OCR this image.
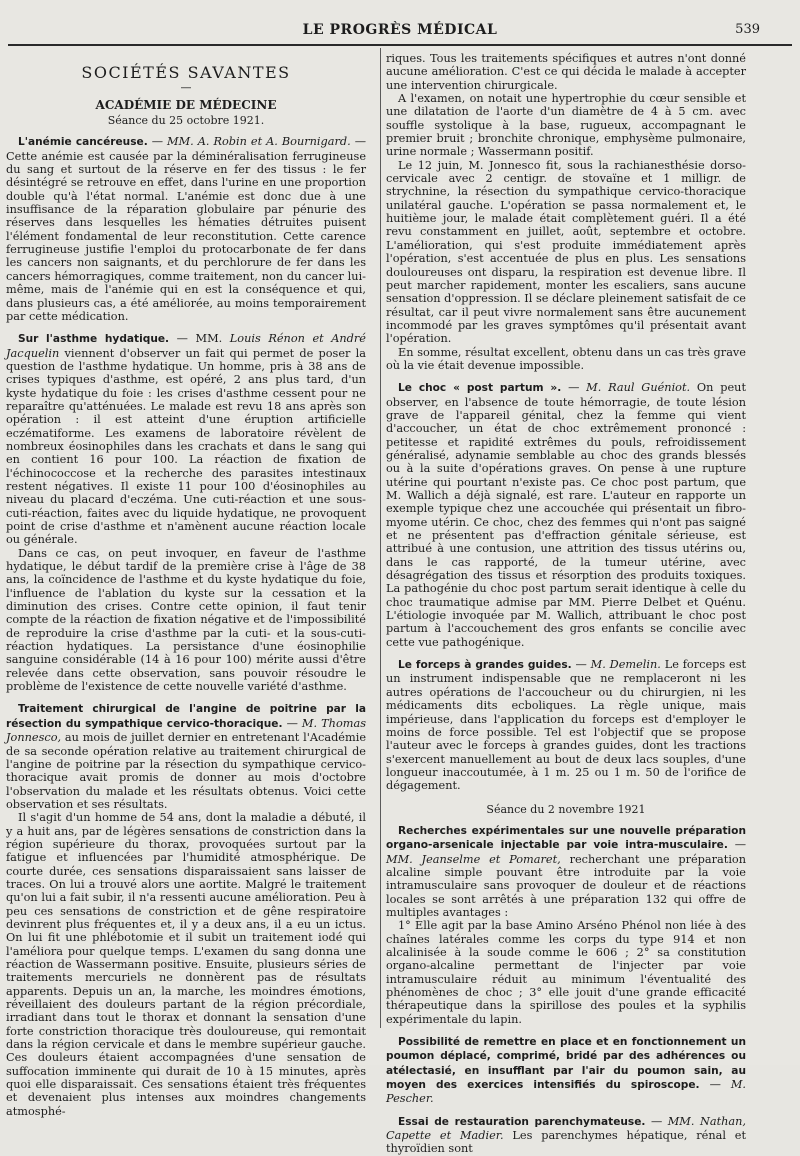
LE PROGRÈS MÉDICAL	539
SOCIÉTÉS SAVANTES
—
ACADÉMIE DE MÉDECINE
Séance du 25 octobre 1921.

L'anémie cancéreuse. — MM. A. Robin et A. Bournigard. — Cette anémie est causée par la déminéralisation ferrugineuse du sang et surtout de la réserve en fer des tissus : le fer désintégré se retrouve en effet, dans l'urine en une proportion double qu'à l'état normal. L'anémie est donc due à une insuffisance de la réparation globulaire par pénurie des réserves dans lesquelles les hématies détruites puisent l'élément fondamental de leur reconstitution. Cette carence ferrugineuse justifie l'emploi du protocarbonate de fer dans les cancers non saignants, et du perchlorure de fer dans les cancers hémorragiques, comme traitement, non du cancer lui-même, mais de l'anémie qui en est la conséquence et qui, dans plusieurs cas, a été améliorée, au moins temporairement par cette médication.

Sur l'asthme hydatique. — MM. Louis Rénon et André Jacquelin viennent d'observer un fait qui permet de poser la question de l'asthme hydatique. Un homme, pris à 38 ans de crises typiques d'asthme, est opéré, 2 ans plus tard, d'un kyste hydatique du foie : les crises d'asthme cessent pour ne reparaître qu'atténuées. Le malade est revu 18 ans après son opération : il est atteint d'une éruption artificielle eczématiforme. Les examens de laboratoire révèlent de nombreux éosinophiles dans les crachats et dans le sang qui en contient 16 pour 100. La réaction de fixation de l'échinococcose et la recherche des parasites intestinaux restent négatives. Il existe 11 pour 100 d'éosinophiles au niveau du placard d'eczéma. Une cuti-réaction et une sous-cuti-réaction, faites avec du liquide hydatique, ne provoquent point de crise d'asthme et n'amènent aucune réaction locale ou générale.

Dans ce cas, on peut invoquer, en faveur de l'asthme hydatique, le début tardif de la première crise à l'âge de 38 ans, la coïncidence de l'asthme et du kyste hydatique du foie, l'influence de l'ablation du kyste sur la cessation et la diminution des crises. Contre cette opinion, il faut tenir compte de la réaction de fixation négative et de l'impossibilité de reproduire la crise d'asthme par la cuti- et la sous-cuti-réaction hydatiques. La persistance d'une éosinophilie sanguine considérable (14 à 16 pour 100) mérite aussi d'être relevée dans cette observation, sans pouvoir résoudre le problème de l'existence de cette nouvelle variété d'asthme.

Traitement chirurgical de l'angine de poitrine par la résection du sympathique cervico-thoracique. — M. Thomas Jonnesco, au mois de juillet dernier en entretenant l'Académie de sa seconde opération relative au traitement chirurgical de l'angine de poitrine par la résection du sympathique cervico-thoracique avait promis de donner au mois d'octobre l'observation du malade et les résultats obtenus. Voici cette observation et ses résultats.

Il s'agit d'un homme de 54 ans, dont la maladie a débuté, il y a huit ans, par de légères sensations de constriction dans la région supérieure du thorax, provoquées surtout par la fatigue et influencées par l'humidité atmosphérique. De courte durée, ces sensations disparaissaient sans laisser de traces. On lui a trouvé alors une aortite. Malgré le traitement qu'on lui a fait subir, il n'a ressenti aucune amélioration. Peu à peu ces sensations de constriction et de gêne respiratoire devinrent plus fréquentes et, il y a deux ans, il a eu un ictus. On lui fit une phlébotomie et il subit un traitement iodé qui l'améliora pour quelque temps. L'examen du sang donna une réaction de Wassermann positive. Ensuite, plusieurs séries de traitements mercuriels ne donnèrent pas de résultats apparents. Depuis un an, la marche, les moindres émotions, réveillaient des douleurs partant de la région précordiale, irradiant dans tout le thorax et donnant la sensation d'une forte constriction thoracique très douloureuse, qui remontait dans la région cervicale et dans le membre supérieur gauche. Ces douleurs étaient accompagnées d'une sensation de suffocation imminente qui durait de 10 à 15 minutes, après quoi elle disparaissait. Ces sensations étaient très fréquentes et devenaient plus intenses aux moindres changements atmosphé-

riques. Tous les traitements spécifiques et autres n'ont donné aucune amélioration. C'est ce qui décida le malade à accepter une intervention chirurgicale.

A l'examen, on notait une hypertrophie du cœur sensible et une dilatation de l'aorte d'un diamètre de 4 à 5 cm. avec souffle systolique à la base, rugueux, accompagnant le premier bruit ; bronchite chronique, emphysème pulmonaire, urine normale ; Wassermann positif.

Le 12 juin, M. Jonnesco fit, sous la rachianesthésie dorso-cervicale avec 2 centigr. de stovaïne et 1 milligr. de strychnine, la résection du sympathique cervico-thoracique unilatéral gauche. L'opération se passa normalement et, le huitième jour, le malade était complètement guéri. Il a été revu constamment en juillet, août, septembre et octobre. L'amélioration, qui s'est produite immédiatement après l'opération, s'est accentuée de plus en plus. Les sensations douloureuses ont disparu, la respiration est devenue libre. Il peut marcher rapidement, monter les escaliers, sans aucune sensation d'oppression. Il se déclare pleinement satisfait de ce résultat, car il peut vivre normalement sans être aucunement incommodé par les graves symptômes qu'il présentait avant l'opération.

En somme, résultat excellent, obtenu dans un cas très grave où la vie était devenue impossible.

Le choc « post partum ». — M. Raul Guéniot. On peut observer, en l'absence de toute hémorragie, de toute lésion grave de l'appareil génital, chez la femme qui vient d'accoucher, un état de choc extrêmement prononcé : petitesse et rapidité extrêmes du pouls, refroidissement généralisé, adynamie semblable au choc des grands blessés ou à la suite d'opérations graves. On pense à une rupture utérine qui pourtant n'existe pas. Ce choc post partum, que M. Wallich a déjà signalé, est rare. L'auteur en rapporte un exemple typique chez une accouchée qui présentait un fibro-myome utérin. Ce choc, chez des femmes qui n'ont pas saigné et ne présentent pas d'effraction génitale sérieuse, est attribué à une contusion, une attrition des tissus utérins ou, dans le cas rapporté, de la tumeur utérine, avec désagrégation des tissus et résorption des produits toxiques. La pathogénie du choc post partum serait identique à celle du choc traumatique admise par MM. Pierre Delbet et Quénu. L'étiologie invoquée par M. Wallich, attribuant le choc post partum à l'accouchement des gros enfants se concilie avec cette vue pathogénique.

Le forceps à grandes guides. — M. Demelin. Le forceps est un instrument indispensable que ne remplaceront ni les autres opérations de l'accoucheur ou du chirurgien, ni les médicaments dits ecboliques. La règle unique, mais impérieuse, dans l'application du forceps est d'employer le moins de force possible. Tel est l'objectif que se propose l'auteur avec le forceps à grandes guides, dont les tractions s'exercent manuellement au bout de deux lacs souples, d'une longueur inaccoutumée, à 1 m. 25 ou 1 m. 50 de l'orifice de dégagement.

Séance du 2 novembre 1921

Recherches expérimentales sur une nouvelle préparation organo-arsenicale injectable par voie intra-musculaire. — MM. Jeanselme et Pomaret, recherchant une préparation alcaline simple pouvant être introduite par la voie intramusculaire sans provoquer de douleur et de réactions locales se sont arrêtés à une préparation 132 qui offre de multiples avantages :

1° Elle agit par la base Amino Arséno Phénol non liée à des chaînes latérales comme les corps du type 914 et non alcalinisée à la soude comme le 606 ; 2° sa constitution organo-alcaline permettant de l'injecter par voie intramusculaire réduit au minimum l'éventualité des phénomènes de choc ; 3° elle jouit d'une grande efficacité thérapeutique dans la spirillose des poules et la syphilis expérimentale du lapin.

Possibilité de remettre en place et en fonctionnement un poumon déplacé, comprimé, bridé par des adhérences ou atélectasié, en insufflant par l'air du poumon sain, au moyen des exercices intensifiés du spiroscope. — M. Pescher.

Essai de restauration parenchymateuse. — MM. Nathan, Capette et Madier. Les parenchymes hépatique, rénal et thyroïdien sont
